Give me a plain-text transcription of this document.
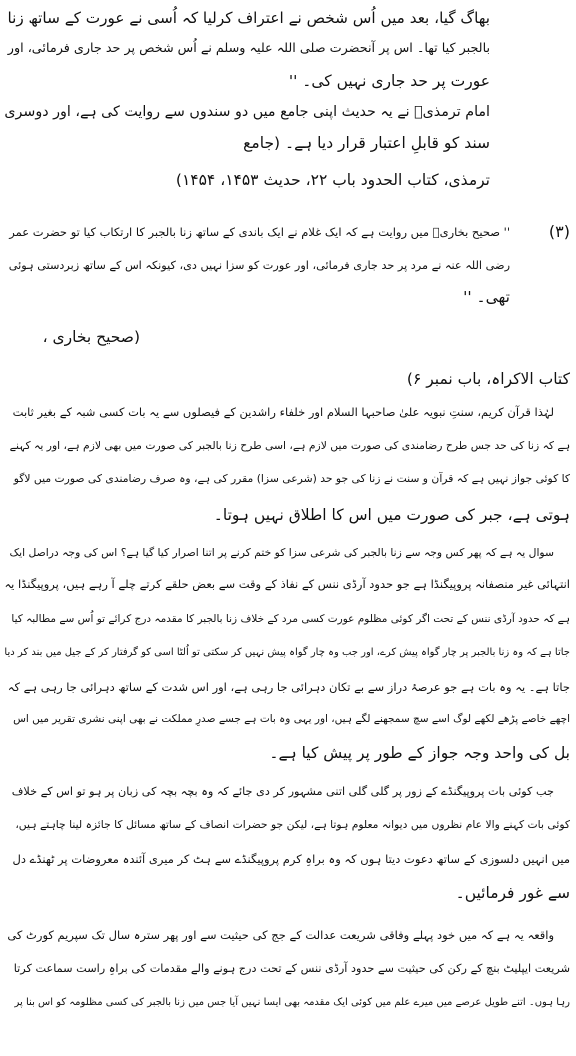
بھاگ گیا، بعد میں اُس شخص نے اعتراف کرلیا کہ اُسی نے عورت کے ساتھ زنا

بالجبر کیا تھا۔ اس پر آنحضرت صلی اللہ علیہ وسلم نے اُس شخص پر حد جاری فرمائی، اور

عورت پر حد جاری نہیں کی۔ ''

امام ترمذیؒ نے یہ حدیث اپنی جامع میں دو سندوں سے روایت کی ہے، اور دوسری

سند کو قابلِ اعتبار قرار دیا ہے۔ (جامع

ترمذی، کتاب الحدود باب ۲۲، حدیث ۱۴۵۳، ۱۴۵۴)

(۳)

'' صحیح بخاریؒ میں روایت ہے کہ ایک غلام نے ایک باندی کے ساتھ زنا بالجبر کا ارتکاب کیا تو حضرت عمر

رضی اللہ عنہ نے مرد پر حد جاری فرمائی، اور عورت کو سزا نہیں دی، کیونکہ اس کے ساتھ زبردستی ہوئی

تھی۔ ''

(صحیح بخاری ،

کتاب الاکراہ، باب نمبر ۶)

لہٰذا قرآن کریم، سنتِ نبویہ علیٰ صاحبہا السلام اور خلفاء راشدین کے فیصلوں سے یہ بات کسی شبہ کے بغیر ثابت

ہے کہ زنا کی حد جس طرح رضامندی کی صورت میں لازم ہے، اسی طرح زنا بالجبر کی صورت میں بھی لازم ہے، اور یہ کہنے

کا کوئی جواز نہیں ہے کہ قرآن و سنت نے زنا کی جو حد (شرعی سزا) مقرر کی ہے، وہ صرف رضامندی کی صورت میں لاگو

ہوتی ہے، جبر کی صورت میں اس کا اطلاق نہیں ہوتا۔

سوال یہ ہے کہ پھر کس وجہ سے زنا بالجبر کی شرعی سزا کو ختم کرنے پر اتنا اصرار کیا گیا ہے؟ اس کی وجہ دراصل ایک

انتہائی غیر منصفانہ پروپیگنڈا ہے جو حدود آرڈی ننس کے نفاذ کے وقت سے بعض حلقے کرتے چلے آ رہے ہیں، پروپیگنڈا یہ

ہے کہ حدود آرڈی ننس کے تحت اگر کوئی مظلوم عورت کسی مرد کے خلاف زنا بالجبر کا مقدمہ درج کرائے تو اُس سے مطالبہ کیا

جاتا ہے کہ وہ زنا بالجبر پر چار گواہ پیش کرے، اور جب وہ چار گواہ پیش نہیں کر سکتی تو اُلٹا اسی کو گرفتار کر کے جیل میں بند کر دیا

جاتا ہے۔ یہ وہ بات ہے جو عرصۂ دراز سے بے تکان دہرائی جا رہی ہے، اور اس شدت کے ساتھ دہرائی جا رہی ہے کہ

اچھے خاصے پڑھے لکھے لوگ اسے سچ سمجھنے لگے ہیں، اور یہی وہ بات ہے جسے صدرِ مملکت نے بھی اپنی نشری تقریر میں اس

بل کی واحد وجہ جواز کے طور پر پیش کیا ہے۔

جب کوئی بات پروپیگنڈے کے زور پر گلی گلی اتنی مشہور کر دی جائے کہ وہ بچہ بچہ کی زبان پر ہو تو اس کے خلاف

کوئی بات کہنے والا عام نظروں میں دیوانہ معلوم ہوتا ہے، لیکن جو حضرات انصاف کے ساتھ مسائل کا جائزہ لینا چاہتے ہیں،

میں انہیں دلسوزی کے ساتھ دعوت دیتا ہوں کہ وہ براہِ کرم پروپیگنڈے سے ہٹ کر میری آئندہ معروضات پر ٹھنڈے دل

سے غور فرمائیں۔

واقعہ یہ ہے کہ میں خود پہلے وفاقی شریعت عدالت کے جج کی حیثیت سے اور پھر سترہ سال تک سپریم کورٹ کی

شریعت ایپلیٹ بنچ کے رکن کی حیثیت سے حدود آرڈی ننس کے تحت درج ہونے والے مقدمات کی براہِ راست سماعت کرتا

رہا ہوں۔ اتنے طویل عرصے میں میرے علم میں کوئی ایک مقدمہ بھی ایسا نہیں آیا جس میں زنا بالجبر کی کسی مظلومہ کو اس بنا پر
